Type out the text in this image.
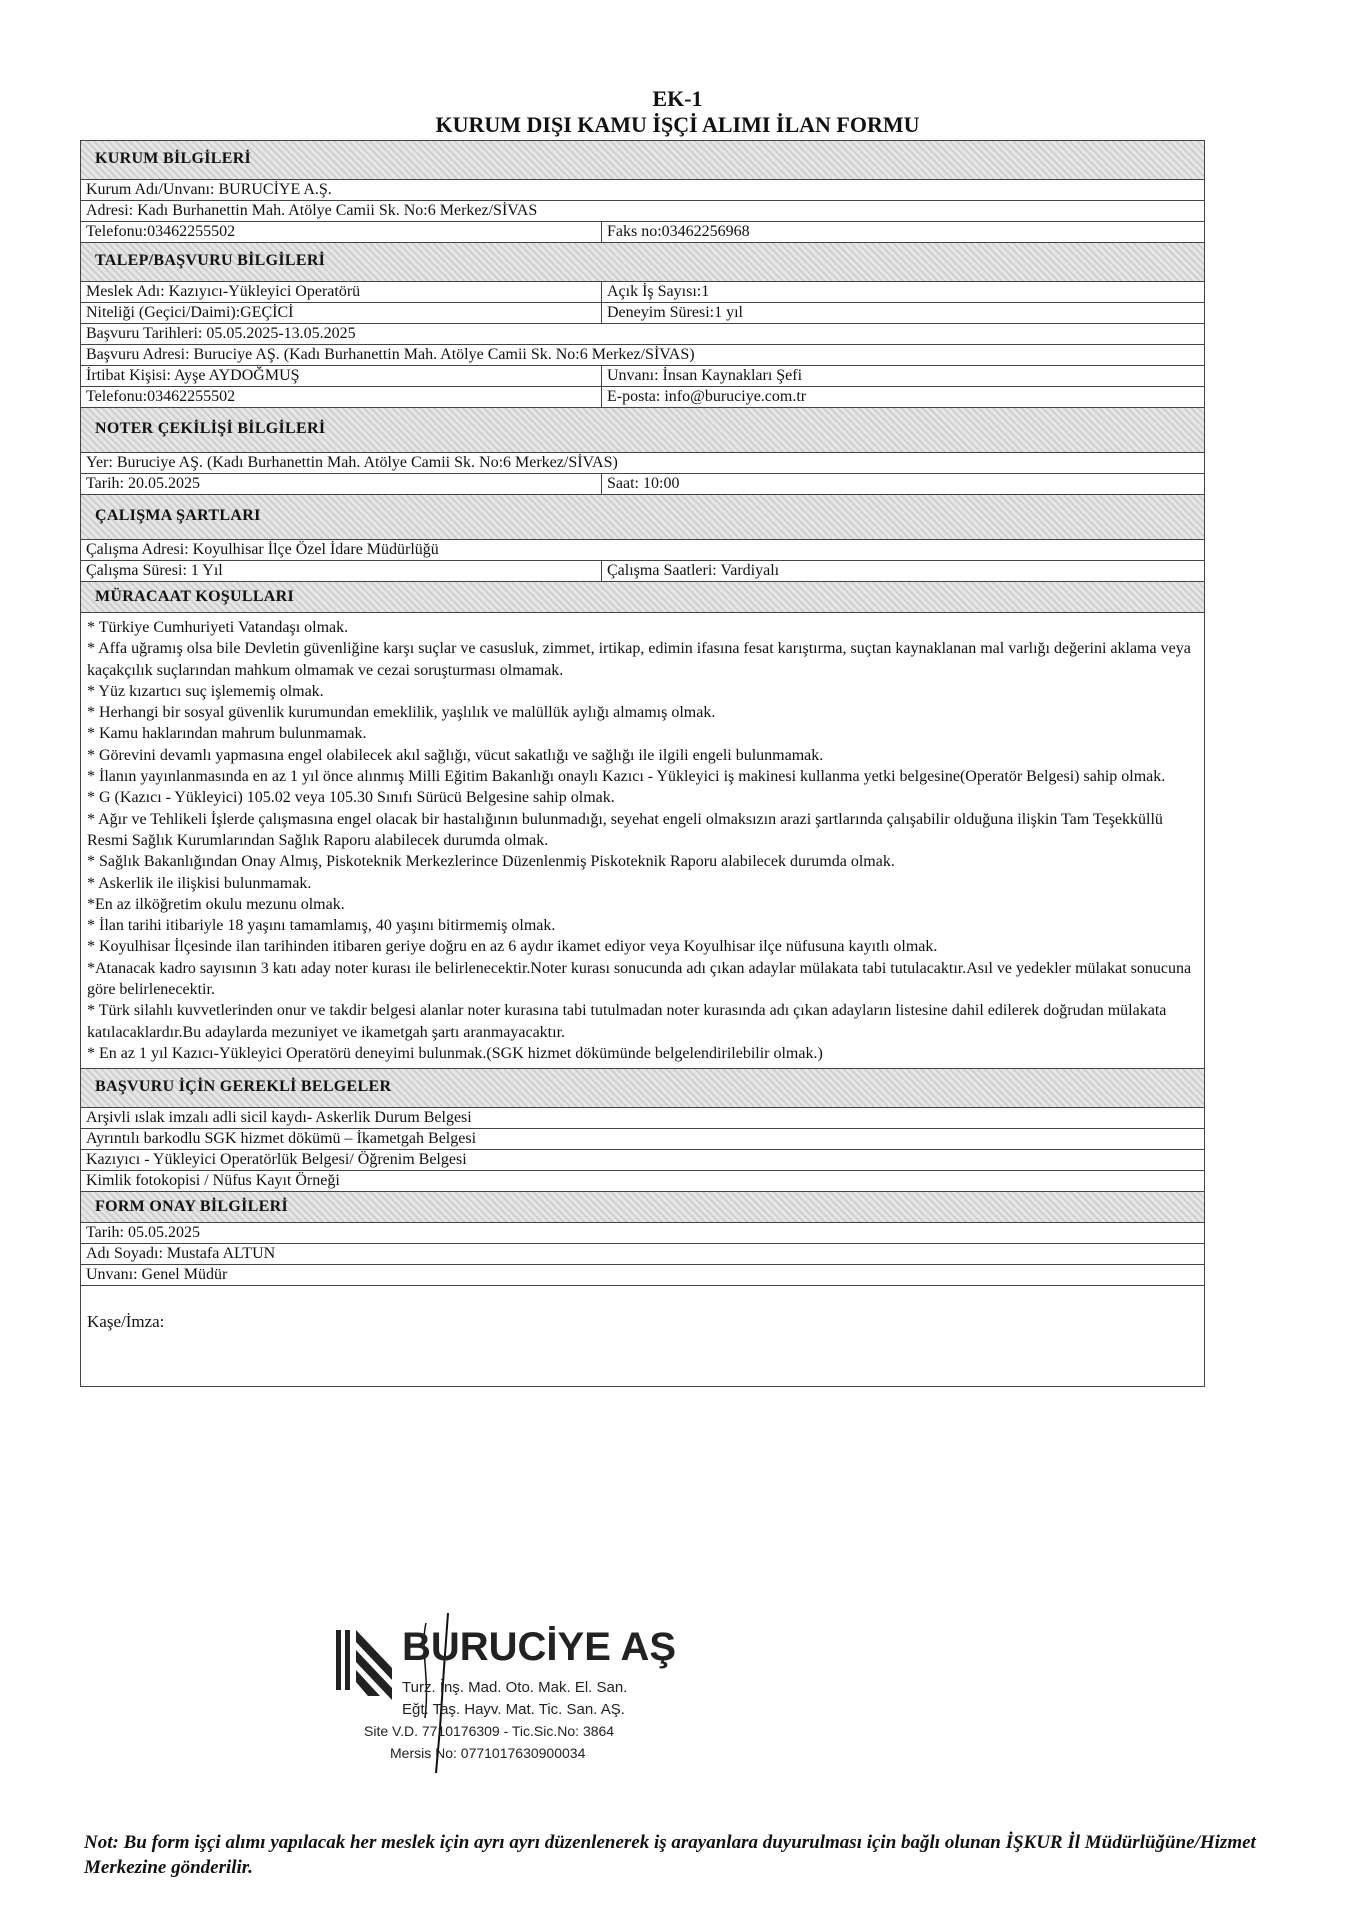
EK-1
KURUM DIŞI KAMU İŞÇİ ALIMI İLAN FORMU
KURUM BİLGİLERİ
Kurum Adı/Unvanı: BURUCİYE A.Ş.
Adresi: Kadı Burhanettin Mah. Atölye Camii Sk. No:6 Merkez/SİVAS
Telefonu:03462255502	Faks no:03462256968
TALEP/BAŞVURU BİLGİLERİ
Meslek Adı: Kazıyıcı-Yükleyici Operatörü	Açık İş Sayısı:1
Niteliği (Geçici/Daimi):GEÇİCİ	Deneyim Süresi:1 yıl
Başvuru Tarihleri: 05.05.2025-13.05.2025
Başvuru Adresi: Buruciye AŞ. (Kadı Burhanettin Mah. Atölye Camii Sk. No:6 Merkez/SİVAS)
İrtibat Kişisi: Ayşe AYDOĞMUŞ	Unvanı: İnsan Kaynakları Şefi
Telefonu:03462255502	E-posta: info@buruciye.com.tr
NOTER ÇEKİLİŞİ BİLGİLERİ
Yer: Buruciye AŞ. (Kadı Burhanettin Mah. Atölye Camii Sk. No:6 Merkez/SİVAS)
Tarih: 20.05.2025	Saat: 10:00
ÇALIŞMA ŞARTLARI
Çalışma Adresi: Koyulhisar İlçe Özel İdare Müdürlüğü
Çalışma Süresi: 1 Yıl	Çalışma Saatleri: Vardiyalı
MÜRACAAT KOŞULLARI

* Türkiye Cumhuriyeti Vatandaşı olmak.

* Affa uğramış olsa bile Devletin güvenliğine karşı suçlar ve casusluk, zimmet, irtikap, edimin ifasına fesat karıştırma, suçtan kaynaklanan mal varlığı değerini aklama veya kaçakçılık suçlarından mahkum olmamak ve cezai soruşturması olmamak.

* Yüz kızartıcı suç işlememiş olmak.

* Herhangi bir sosyal güvenlik kurumundan emeklilik, yaşlılık ve malüllük aylığı almamış olmak.

* Kamu haklarından mahrum bulunmamak.

* Görevini devamlı yapmasına engel olabilecek akıl sağlığı, vücut sakatlığı ve sağlığı ile ilgili engeli bulunmamak.

* İlanın yayınlanmasında en az 1 yıl önce alınmış Milli Eğitim Bakanlığı onaylı Kazıcı - Yükleyici iş makinesi kullanma yetki belgesine(Operatör Belgesi) sahip olmak.

* G (Kazıcı - Yükleyici) 105.02 veya 105.30 Sınıfı Sürücü Belgesine sahip olmak.

* Ağır ve Tehlikeli İşlerde çalışmasına engel olacak bir hastalığının bulunmadığı, seyehat engeli olmaksızın arazi şartlarında çalışabilir olduğuna ilişkin Tam Teşekküllü Resmi Sağlık Kurumlarından Sağlık Raporu alabilecek durumda olmak.

* Sağlık Bakanlığından Onay Almış, Piskoteknik Merkezlerince Düzenlenmiş Piskoteknik Raporu alabilecek durumda olmak.

* Askerlik ile ilişkisi bulunmamak.

*En az ilköğretim okulu mezunu olmak.

* İlan tarihi itibariyle 18 yaşını tamamlamış, 40 yaşını bitirmemiş olmak.

* Koyulhisar İlçesinde ilan tarihinden itibaren geriye doğru en az 6 aydır ikamet ediyor veya Koyulhisar ilçe nüfusuna kayıtlı olmak.

*Atanacak kadro sayısının 3 katı aday noter kurası ile belirlenecektir.Noter kurası sonucunda adı çıkan adaylar mülakata tabi tutulacaktır.Asıl ve yedekler mülakat sonucuna göre belirlenecektir.

* Türk silahlı kuvvetlerinden onur ve takdir belgesi alanlar noter kurasına tabi tutulmadan noter kurasında adı çıkan adayların listesine dahil edilerek doğrudan mülakata katılacaklardır.Bu adaylarda mezuniyet ve ikametgah şartı aranmayacaktır.

* En az 1 yıl Kazıcı-Yükleyici Operatörü deneyimi bulunmak.(SGK hizmet dökümünde belgelendirilebilir olmak.)

BAŞVURU İÇİN GEREKLİ BELGELER
Arşivli ıslak imzalı adli sicil kaydı- Askerlik Durum Belgesi
Ayrıntılı barkodlu SGK hizmet dökümü – İkametgah Belgesi
Kazıyıcı - Yükleyici Operatörlük Belgesi/ Öğrenim Belgesi
Kimlik fotokopisi / Nüfus Kayıt Örneği
FORM ONAY BİLGİLERİ
Tarih: 05.05.2025
Adı Soyadı: Mustafa ALTUN
Unvanı: Genel Müdür
Kaşe/İmza:
BURUCİYE AŞ
Turz. İnş. Mad. Oto. Mak. El. San.
Eğt. Taş. Hayv. Mat. Tic. San. AŞ.
Site V.D. 7710176309 - Tic.Sic.No: 3864
Mersis No: 0771017630900034
Not: Bu form işçi alımı yapılacak her meslek için ayrı ayrı düzenlenerek iş arayanlara duyurulması için bağlı olunan İŞKUR İl Müdürlüğüne/Hizmet Merkezine gönderilir.
